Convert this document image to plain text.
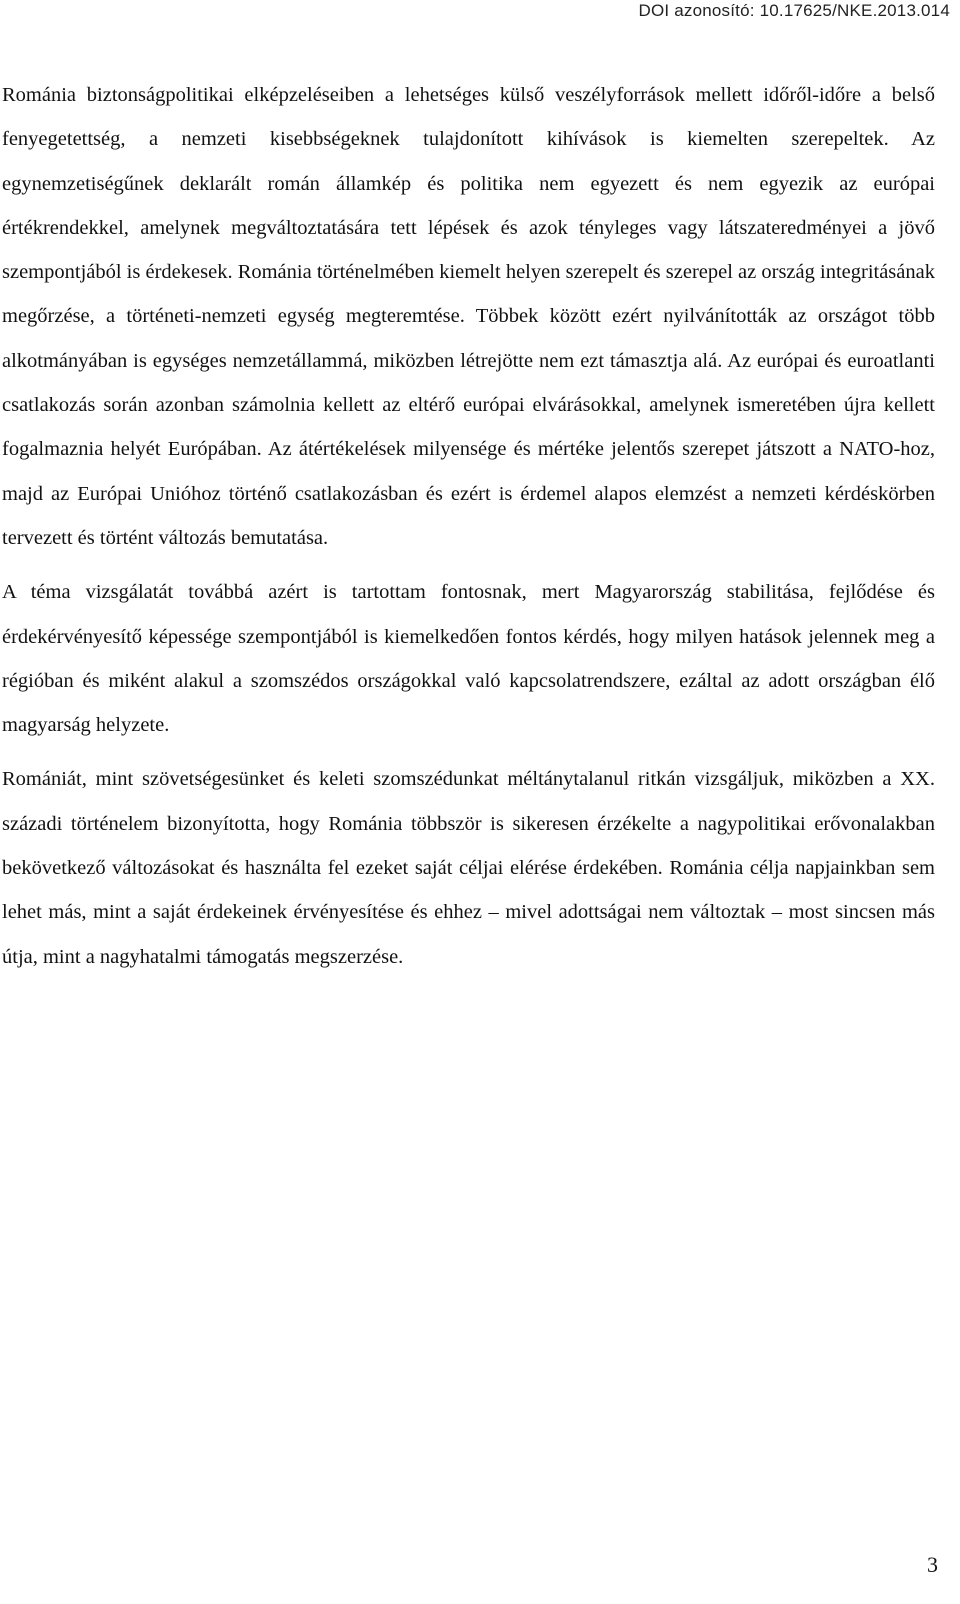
DOI azonosító: 10.17625/NKE.2013.014

Románia biztonságpolitikai elképzeléseiben a lehetséges külső veszélyforrások mellett időről-időre a belső fenyegetettség, a nemzeti kisebbségeknek tulajdonított kihívások is kiemelten szerepeltek. Az egynemzetiségűnek deklarált román államkép és politika nem egyezett és nem egyezik az európai értékrendekkel, amelynek megváltoztatására tett lépések és azok tényleges vagy látszateredményei a jövő szempontjából is érdekesek. Románia történelmében kiemelt helyen szerepelt és szerepel az ország integritásának megőrzése, a történeti-nemzeti egység megteremtése. Többek között ezért nyilvánították az országot több alkotmányában is egységes nemzetállammá, miközben létrejötte nem ezt támasztja alá. Az európai és euroatlanti csatlakozás során azonban számolnia kellett az eltérő európai elvárásokkal, amelynek ismeretében újra kellett fogalmaznia helyét Európában. Az átértékelések milyensége és mértéke jelentős szerepet játszott a NATO-hoz, majd az Európai Unióhoz történő csatlakozásban és ezért is érdemel alapos elemzést a nemzeti kérdéskörben tervezett és történt változás bemutatása.

A téma vizsgálatát továbbá azért is tartottam fontosnak, mert Magyarország stabilitása, fejlődése és érdekérvényesítő képessége szempontjából is kiemelkedően fontos kérdés, hogy milyen hatások jelennek meg a régióban és miként alakul a szomszédos országokkal való kapcsolatrendszere, ezáltal az adott országban élő magyarság helyzete.

Romániát, mint szövetségesünket és keleti szomszédunkat méltánytalanul ritkán vizsgáljuk, miközben a XX. századi történelem bizonyította, hogy Románia többször is sikeresen érzékelte a nagypolitikai erővonalakban bekövetkező változásokat és használta fel ezeket saját céljai elérése érdekében. Románia célja napjainkban sem lehet más, mint a saját érdekeinek érvényesítése és ehhez – mivel adottságai nem változtak – most sincsen más útja, mint a nagyhatalmi támogatás megszerzése.

3
